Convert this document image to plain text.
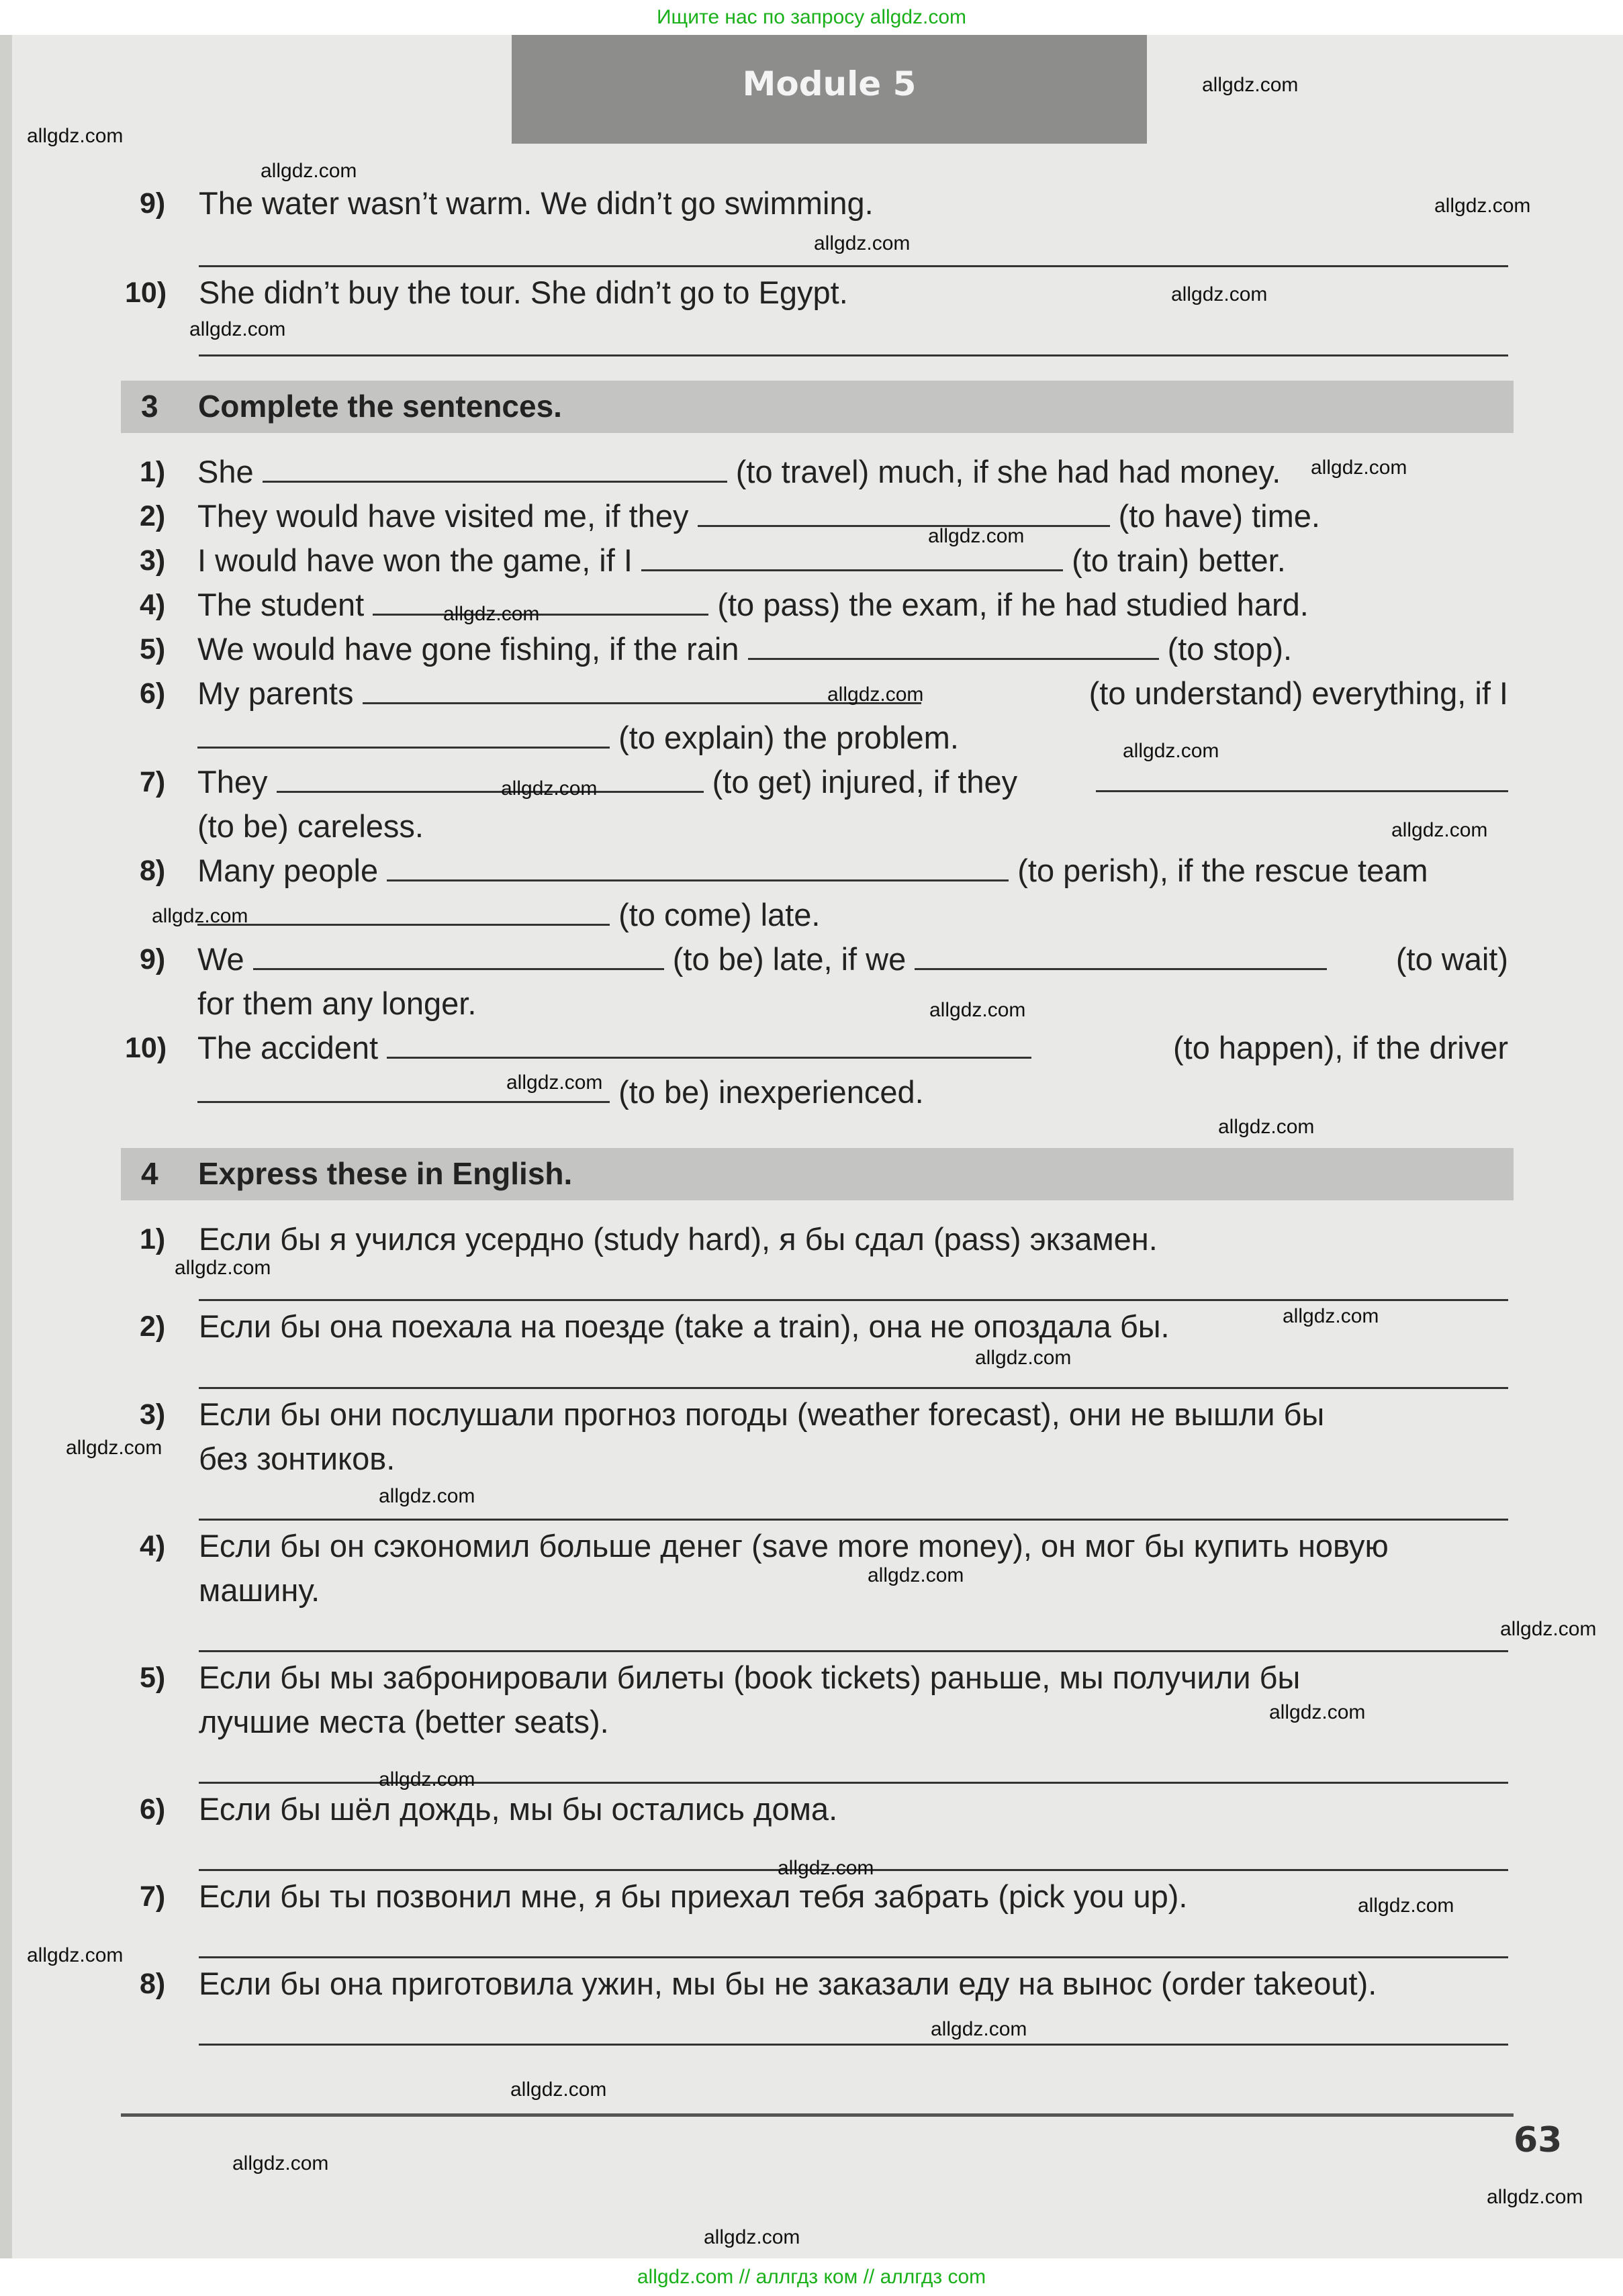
Ищите нас по запросу allgdz.com
Module 5
9) The water wasn’t warm. We didn’t go swimming.
10) She didn’t buy the tour. She didn’t go to Egypt.
3 Complete the sentences.
1) She	(to travel) much, if she had had money.
2) They would have visited me, if they	(to have) time.
3) I would have won the game, if I	(to train) better.
4) The student	(to pass) the exam, if he had studied hard.
5) We would have gone fishing, if the rain	(to stop).
6) My parents	(to understand) everything, if I
(to explain) the problem.
7) They	(to get) injured, if they
(to be) careless.
8) Many people	(to perish), if the rescue team
(to come) late.
9) We	(to be) late, if we	(to wait)
for them any longer.
10) The accident	(to happen), if the driver
(to be) inexperienced.
4 Express these in English.
1) Если бы я учился усердно (study hard), я бы сдал (pass) экзамен.
2) Если бы она поехала на поезде (take a train), она не опоздала бы.
3) Если бы они послушали прогноз погоды (weather forecast), они не вышли бы
без зонтиков.
4) Если бы он сэкономил больше денег (save more money), он мог бы купить новую
машину.
5) Если бы мы забронировали билеты (book tickets) раньше, мы получили бы
лучшие места (better seats).
6) Если бы шёл дождь, мы бы остались дома.
7) Если бы ты позвонил мне, я бы приехал тебя забрать (pick you up).
8) Если бы она приготовила ужин, мы бы не заказали еду на вынос (order takeout).
63
allgdz.com
allgdz.com
allgdz.com
allgdz.com
allgdz.com
allgdz.com
allgdz.com
allgdz.com
allgdz.com
allgdz.com
allgdz.com
allgdz.com
allgdz.com
allgdz.com
allgdz.com
allgdz.com
allgdz.com
allgdz.com
allgdz.com
allgdz.com
allgdz.com
allgdz.com
allgdz.com
allgdz.com
allgdz.com
allgdz.com
allgdz.com
allgdz.com
allgdz.com
allgdz.com
allgdz.com
allgdz.com
allgdz.com
allgdz.com
allgdz.com
allgdz.com // аллгдз ком // аллгдз com
